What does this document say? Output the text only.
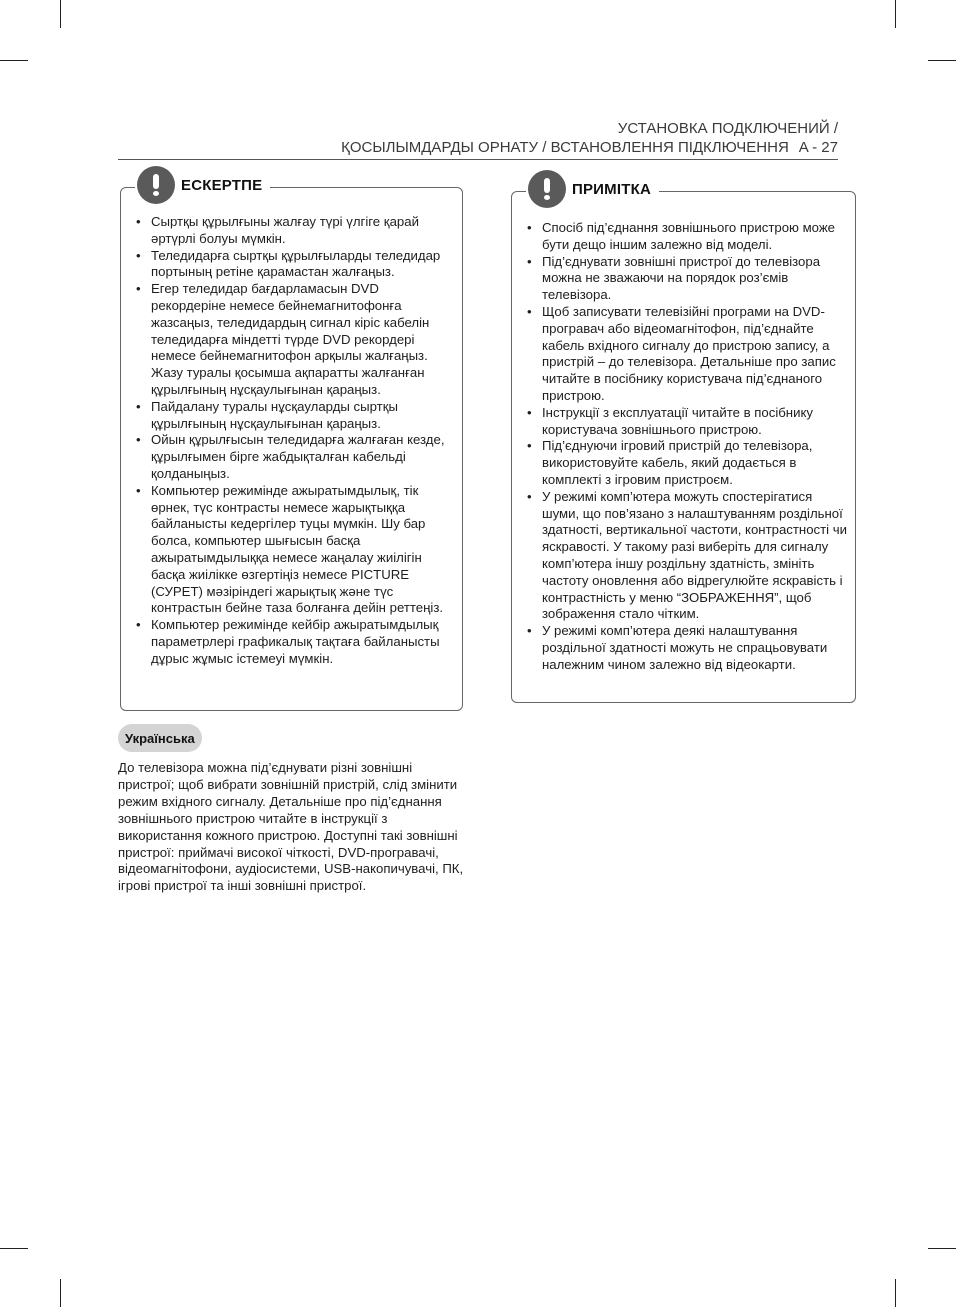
УСТАНОВКА ПОДКЛЮЧЕНИЙ /
ҚОСЫЛЫМДАРДЫ ОРНАТУ / ВСТАНОВЛЕННЯ ПІДКЛЮЧЕННЯ A - 27
ЕСКЕРТПЕ
• Сыртқы құрылғыны жалғау түрі үлгіге қарай әртүрлі болуы мүмкін.
• Теледидарға сыртқы құрылғыларды теледидар портының ретіне қарамастан жалғаңыз.
• Егер теледидар бағдарламасын DVD рекордеріне немесе бейнемагнитофонға жазсаңыз, теледидардың сигнал кіріс кабелін теледидарға міндетті түрде DVD рекордері немесе бейнемагнитофон арқылы жалғаңыз. Жазу туралы қосымша ақпаратты жалғанған құрылғының нұсқаулығынан қараңыз.
• Пайдалану туралы нұсқауларды сыртқы құрылғының нұсқаулығынан қараңыз.
• Ойын құрылғысын теледидарға жалғаған кезде, құрылғымен бірге жабдықталған кабельді қолданыңыз.
• Компьютер режимінде ажыратымдылық, тік өрнек, түс контрасты немесе жарықтыққа байланысты кедергілер туцы мүмкін. Шу бар болса, компьютер шығысын басқа ажыратымдылыққа немесе жаңалау жиілігін басқа жиілікке өзгертіңіз немесе PICTURE (СУРЕТ) мәзіріндегі жарықтық және түс контрастын бейне таза болғанға дейін реттеңіз.
• Компьютер режимінде кейбір ажыратымдылық параметрлері графикалық тақтаға байланысты дұрыс жұмыс істемеуі мүмкін.
ПРИМІТКА
• Спосіб під’єднання зовнішнього пристрою може бути дещо іншим залежно від моделі.
• Під’єднувати зовнішні пристрої до телевізора можна не зважаючи на порядок роз’ємів телевізора.
• Щоб записувати телевізійні програми на DVD-програвач або відеомагнітофон, під’єднайте кабель вхідного сигналу до пристрою запису, а пристрій – до телевізора. Детальніше про запис читайте в посібнику користувача під’єднаного пристрою.
• Інструкції з експлуатації читайте в посібнику користувача зовнішнього пристрою.
• Під’єднуючи ігровий пристрій до телевізора, використовуйте кабель, який додається в комплекті з ігровим пристроєм.
• У режимі комп’ютера можуть спостерігатися шуми, що пов’язано з налаштуванням роздільної здатності, вертикальної частоти, контрастності чи яскравості. У такому разі виберіть для сигналу комп’ютера іншу роздільну здатність, змініть частоту оновлення або відрегулюйте яскравість і контрастність у меню “ЗОБРАЖЕННЯ”, щоб зображення стало чітким.
• У режимі комп’ютера деякі налаштування роздільної здатності можуть не спрацьовувати належним чином залежно від відеокарти.
Українська
До телевізора можна під’єднувати різні зовнішні пристрої; щоб вибрати зовнішній пристрій, слід змінити режим вхідного сигналу. Детальніше про під’єднання зовнішнього пристрою читайте в інструкції з використання кожного пристрою. Доступні такі зовнішні пристрої: приймачі високої чіткості, DVD-програвачі, відеомагнітофони, аудіосистеми, USB-накопичувачі, ПК, ігрові пристрої та інші зовнішні пристрої.
